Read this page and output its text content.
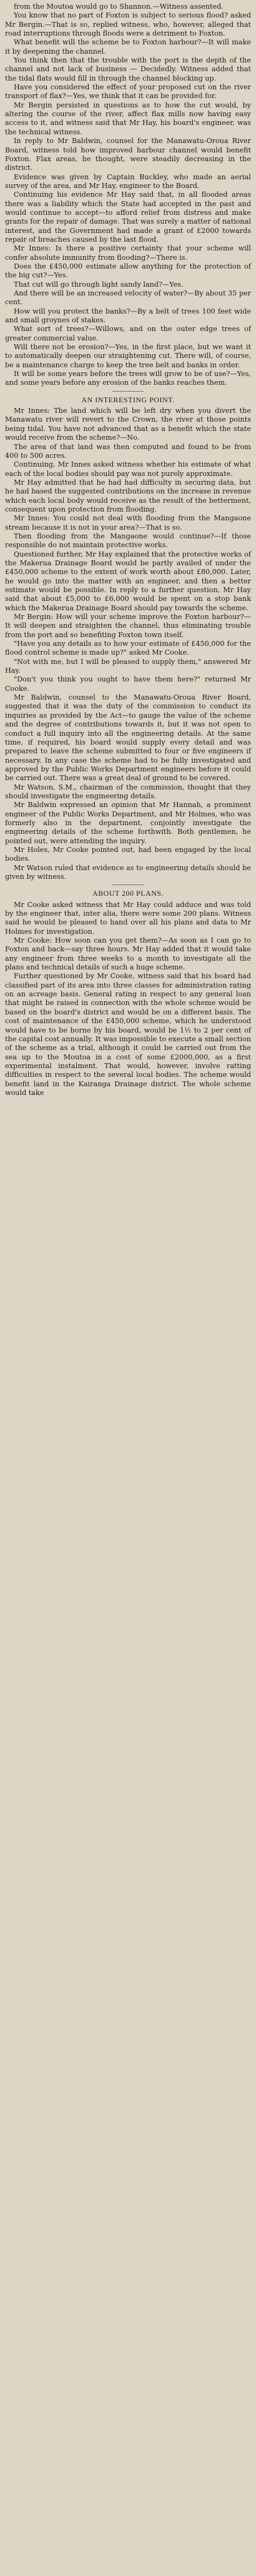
from the Moutoa would go to Shannon.—Witness assented.

You know that no part of Foxton is subject to serious flood? asked Mr Bergin.—That is so, replied witness, who, however, alleged that road interruptions through floods were a detriment to Foxton.

What benefit will the scheme be to Foxton harbour?—It will make it by deepening the channel.

You think then that the trouble with the port is the depth of the channel and not lack of business — Decidedly. Witness added that the tidal flats would fill in through the channel blocking up.

Have you considered the effect of your proposed cut on the river transport of flax?—Yes, we think that it can be provided for.

Mr Bergin persisted in questions as to how the cut would, by altering the course of the river, affect flax mills now having easy access to it, and witness said that Mr Hay, his board's engineer, was the technical witness.

In reply to Mr Baldwin, counsel for the Manawatu-Oroua River Board, witness told how improved harbour channel would benefit Foxton. Flax areas, he thought, were steadily decreasing in the district.

Evidence was given by Captain Buckley, who made an aerial survey of the area, and Mr Hay, engineer to the Board.

Continuing his evidence Mr Hay said that, in all flooded areas there was a liability which the State had accepted in the past and would continue to accept—to afford relief from distress and make grants for the repair of damage. That was surely a matter of national interest, and the Government had made a grant of £2000 towards repair of breaches caused by the last flood.

Mr Innes: Is there a positive certainty that your scheme will confer absolute immunity from flooding?—There is.

Does the £450,000 estimate allow anything for the protection of the big cut?—Yes.

That cut will go through light sandy land?—Yes.

And there will be an increased velocity of water?—By about 35 per cent.

How will you protect the banks?—By a belt of trees 100 feet wide and small groynes of stakes.

What sort of trees?—Willows, and on the outer edge trees of greater commercial value.

Will there not be erosion?—Yes, in the first place, but we want it to automatically deepen our straightening cut. There will, of course, be a maintenance charge to keep the tree belt and banks in order.

It will be some years before the trees will grow to be of use?—Yes, and some years before any erosion of the banks reaches them.

AN INTERESTING POINT.

Mr Innes: The land which will be left dry when you divert the Manawatu river will revert to the Crown, the river at those points being tidal. You have not advanced that as a benefit which the state would receive from the scheme?—No.

The area of that land was then computed and found to be from 400 to 500 acres.

Continuing, Mr Innes asked witness whether his estimate of what each of the local bodies should pay was not purely approximate.

Mr Hay admitted that he had had difficulty in securing data, but he had based the suggested contributions on the increase in revenue which each local body would receive as the result of the betterment, consequent upon protection from flooding.

Mr Innes: You could not deal with flooding from the Mangaone stream because it is not in your area?—That is so.

Then flooding from the Mangaone would continue?—If those responsible do not maintain protective works.

Questioned further, Mr Hay explained that the protective works of the Makerua Drainage Board would be partly availed of under the £450,000 scheme to the extent of work worth about £80,000. Later, he would go into the matter with an engineer, and then a better estimate would be possible. In reply to a further question, Mr Hay said that about £5,000 to £6,000 would be spent on a stop bank which the Makerua Drainage Board should pay towards the scheme.

Mr Bergin: How will your scheme improve the Foxton harbour?—It will deepen and straighten the channel, thus eliminating trouble from the port and so benefiting Foxton town itself.

"Have you any details as to how your estimate of £450,000 for the flood control scheme is made up?" asked Mr Cooke.

"Not with me, but I will be pleased to supply them," answered Mr Hay.

"Don't you think you ought to have them here?" returned Mr Cooke.

Mr Baldwin, counsel to the Manawatu-Oroua River Board, suggested that it was the duty of the commission to conduct its inquiries as provided by the Act—to gauge the value of the scheme and the degree of contributions towards it, but it was not open to conduct a full inquiry into all the engineering details. At the same time, if required, his board would supply every detail and was prepared to leave the scheme submitted to four or five engineers if necessary. In any case the scheme had to be fully investigated and approved by the Public Works Department engineers before it could be carried out. There was a great deal of ground to be covered.

Mr Watson, S.M., chairman of the commission, thought that they should investigate the engineering details.

Mr Baldwin expressed an opinion that Mr Hannah, a prominent engineer of the Public Works Department, and Mr Holmes, who was formerly also in the department, conjointly investigate the engineering details of the scheme forthwith. Both gentlemen, he pointed out, were attending the inquiry.

Mr Holes, Mr Cooke pointed out, had been engaged by the local bodies.

Mr Watson ruled that evidence as to engineering details should be given by witness.

ABOUT 200 PLANS.

Mr Cooke asked witness that Mr Hay could adduce and was told by the engineer that, inter alia, there were some 200 plans. Witness said he would be pleased to hand over all his plans and data to Mr Holmes for investigation.

Mr Cooke: How soon can you get them?—As soon as I can go to Foxton and back—say three hours. Mr Hay added that it would take any engineer from three weeks to a month to investigate all the plans and technical details of such a huge scheme.

Further questioned by Mr Cooke, witness said that his board had classified part of its area into three classes for administration rating on an acreage basis. General rating in respect to any general loan that might be raised in connection with the whole scheme would be based on the board's district and would be on a different basis. The cost of maintenance of the £450,000 scheme, which he understood would have to be borne by his board, would be 1½ to 2 per cent of the capital cost annually. It was impossible to execute a small section of the scheme as a trial, although it could be carried out from the sea up to the Moutoa in a cost of some £2000,000, as a first experimental instalment. That would, however, involve ratting difficulties in respect to the several local bodies. The scheme would benefit land in the Kairanga Drainage district. The whole scheme would take
